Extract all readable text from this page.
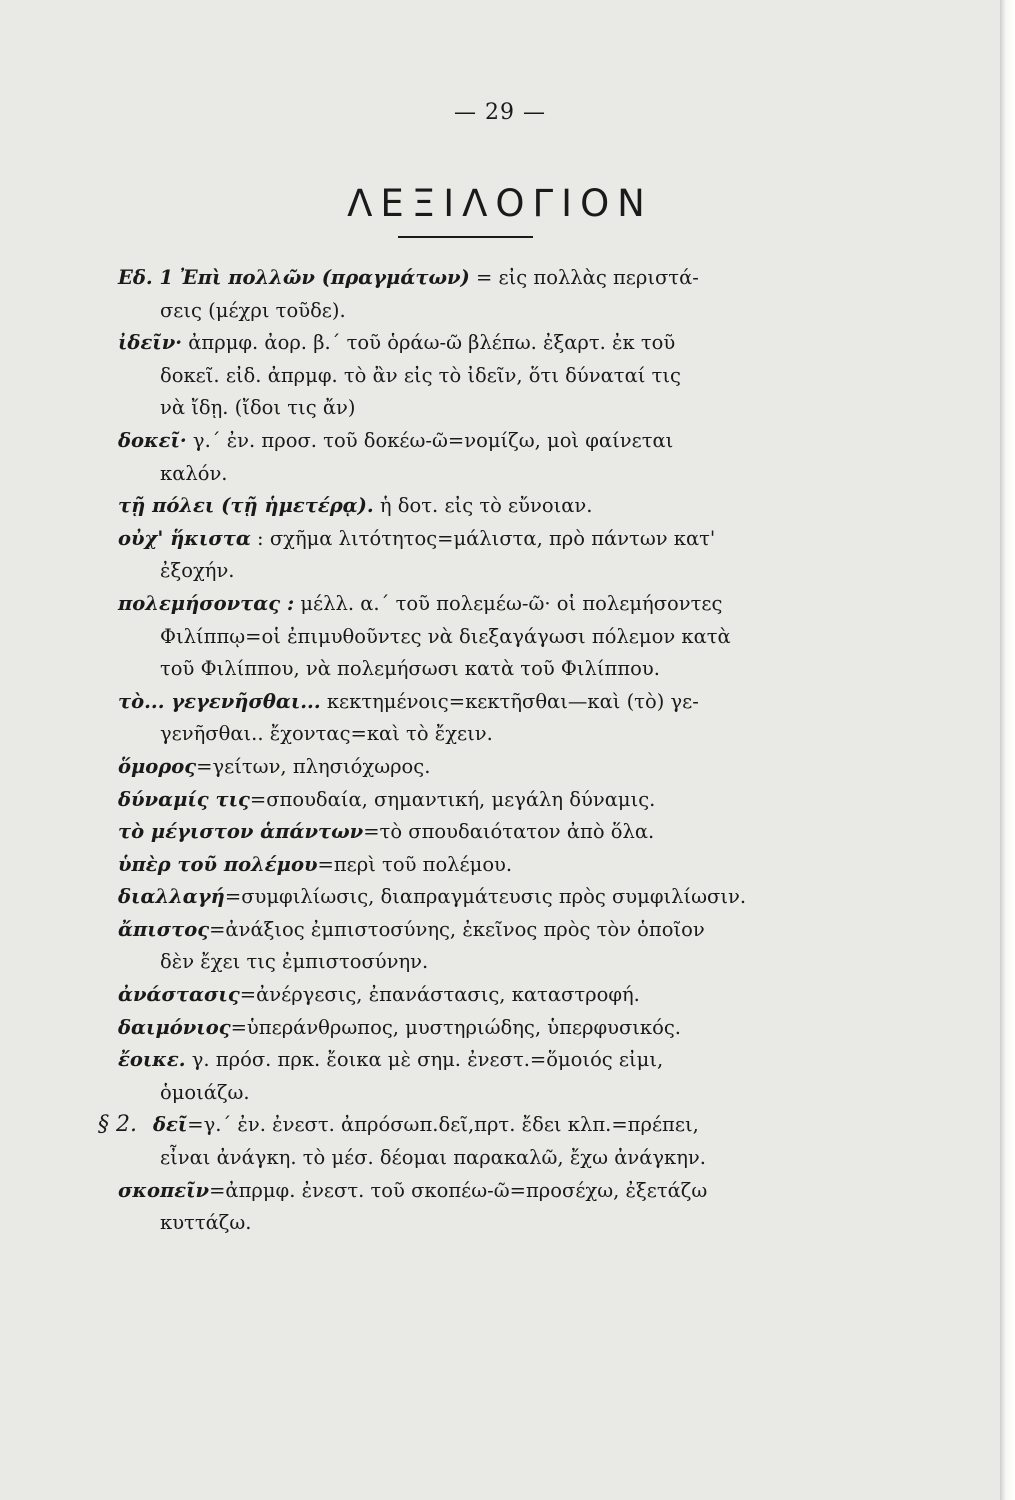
— 29 —
ΛΕΞΙΛΟΓΙΟΝ
Εδ. 1 Ἐπὶ πολλῶν (πραγμάτων) = εἰς πολλὰς περιστά-
σεις (μέχρι τοῦδε).
ἰδεῖν· ἀπρμφ. ἀορ. β.΄ τοῦ ὁράω-ῶ βλέπω. ἐξαρτ. ἐκ τοῦ
δοκεῖ. εἰδ. ἀπρμφ. τὸ ἂν εἰς τὸ ἰδεῖν, ὅτι δύναταί τις
νὰ ἴδῃ. (ἴδοι τις ἄν)
δοκεῖ· γ.΄ ἐν. προσ. τοῦ δοκέω-ῶ=νομίζω, μοὶ φαίνεται
καλόν.
τῇ πόλει (τῇ ἡμετέρᾳ). ἡ δοτ. εἰς τὸ εὔνοιαν.
οὐχ' ἥκιστα : σχῆμα λιτότητος=μάλιστα, πρὸ πάντων κατ'
ἐξοχήν.
πολεμήσοντας : μέλλ. α.΄ τοῦ πολεμέω-ῶ· οἱ πολεμήσοντες
Φιλίππῳ=οἱ ἐπιμυθοῦντες νὰ διεξαγάγωσι πόλεμον κατὰ
τοῦ Φιλίππου, νὰ πολεμήσωσι κατὰ τοῦ Φιλίππου.
τὸ... γεγενῆσθαι... κεκτημένοις=κεκτῆσθαι—καὶ (τὸ) γε-
γενῆσθαι.. ἔχοντας=καὶ τὸ ἔχειν.
ὅμορος=γείτων, πλησιόχωρος.
δύναμίς τις=σπουδαία, σημαντική, μεγάλη δύναμις.
τὸ μέγιστον ἁπάντων=τὸ σπουδαιότατον ἀπὸ ὅλα.
ὑπὲρ τοῦ πολέμου=περὶ τοῦ πολέμου.
διαλλαγή=συμφιλίωσις, διαπραγμάτευσις πρὸς συμφιλίωσιν.
ἄπιστος=ἀνάξιος ἐμπιστοσύνης, ἐκεῖνος πρὸς τὸν ὁποῖον
δὲν ἔχει τις ἐμπιστοσύνην.
ἀνάστασις=ἀνέργεσις, ἐπανάστασις, καταστροφή.
δαιμόνιος=ὑπεράνθρωπος, μυστηριώδης, ὑπερφυσικός.
ἔοικε. γ. πρόσ. πρκ. ἔοικα μὲ σημ. ἐνεστ.=ὅμοιός εἰμι,
ὁμοιάζω.
§ 2. δεῖ=γ.΄ ἐν. ἐνεστ. ἀπρόσωπ.δεῖ,πρτ. ἔδει κλπ.=πρέπει,
εἶναι ἀνάγκη. τὸ μέσ. δέομαι παρακαλῶ, ἔχω ἀνάγκην.
σκοπεῖν=ἀπρμφ. ἐνεστ. τοῦ σκοπέω-ῶ=προσέχω, ἐξετάζω
κυττάζω.
